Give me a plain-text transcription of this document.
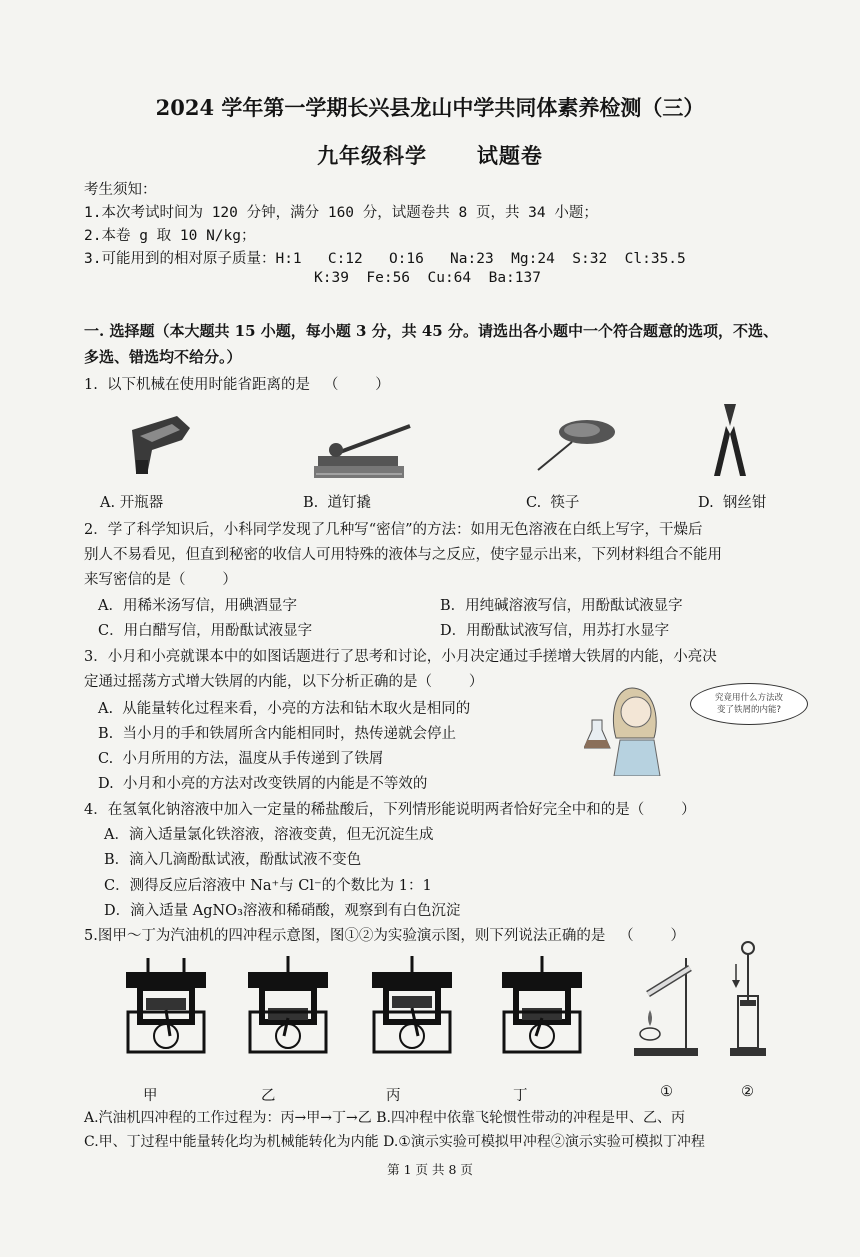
2024 学年第一学期长兴县龙山中学共同体素养检测（三）
九年级科学      试题卷
考生须知：
1.本次考试时间为 120 分钟，满分 160 分，试题卷共 8 页，共 34 小题；
2.本卷 g 取 10 N/kg；
3.可能用到的相对原子质量：H:1   C:12   O:16   Na:23  Mg:24  S:32  Cl:35.5
K:39  Fe:56  Cu:64  Ba:137
一. 选择题（本大题共 15 小题，每小题 3 分，共 45 分。请选出各小题中一个符合题意的选项，不选、
多选、错选均不给分。）
1.  以下机械在使用时能省距离的是   （        ）
A. 开瓶器	B.  道钉撬	C.  筷子	D.  钢丝钳
2．学了科学知识后，小科同学发现了几种写“密信”的方法：如用无色溶液在白纸上写字，干燥后
别人不易看见，但直到秘密的收信人可用特殊的液体与之反应，使字显示出来，下列材料组合不能用
来写密信的是（        ）
A．用稀米汤写信，用碘酒显字	B．用纯碱溶液写信，用酚酞试液显字
C．用白醋写信，用酚酞试液显字	D．用酚酞试液写信，用苏打水显字
3．小月和小亮就课本中的如图话题进行了思考和讨论，小月决定通过手搓增大铁屑的内能，小亮决
定通过摇荡方式增大铁屑的内能，以下分析正确的是（        ）
A.  从能量转化过程来看，小亮的方法和钻木取火是相同的
B.  当小月的手和铁屑所含内能相同时，热传递就会停止
C.  小月所用的方法，温度从手传递到了铁屑
D.  小月和小亮的方法对改变铁屑的内能是不等效的
究竟用什么方法改
变了铁屑的内能?
4．在氢氧化钠溶液中加入一定量的稀盐酸后，下列情形能说明两者恰好完全中和的是（        ）
A．滴入适量氯化铁溶液，溶液变黄，但无沉淀生成
B．滴入几滴酚酞试液，酚酞试液不变色
C．测得反应后溶液中 Na⁺与 Cl⁻的个数比为 1：1
D．滴入适量 AgNO₃溶液和稀硝酸，观察到有白色沉淀
5.图甲～丁为汽油机的四冲程示意图，图①②为实验演示图，则下列说法正确的是   （        ）
甲	乙	丙	丁	①	②
A.汽油机四冲程的工作过程为：丙→甲→丁→乙 B.四冲程中依靠飞轮惯性带动的冲程是甲、乙、丙
C.甲、丁过程中能量转化均为机械能转化为内能 D.①演示实验可模拟甲冲程②演示实验可模拟丁冲程
第 1 页 共 8 页
